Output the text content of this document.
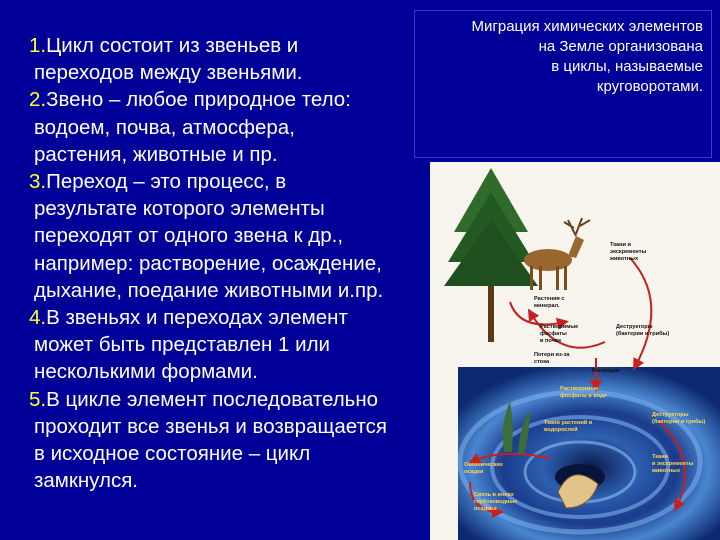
Миграция химических элементов
на Земле организована
в циклы, называемые
круговоротами.
1.Цикл состоит из звеньев и
переходов между звеньями.
2.Звено – любое природное тело:
водоем, почва, атмосфера,
растения, животные и пр.
3.Переход – это процесс, в
результате которого элементы
переходят от одного звена к др.,
например: растворение, осаждение,
дыхание, поедание животными и.пр.
4.В звеньях и переходах элемент
может быть представлен 1 или
несколькими формами.
5.В цикле элемент последовательно
проходит все звенья и возвращается
в исходное состояние – цикл
замкнулся.
Ткани и экскременты животных
Растения с минерал.
Растворимые фосфаты в почве
Деструкторы (бактерии и грибы)
Потери из-за стока
Миграция
Растворимые фосфаты в воде
Ткани растений и водорослей
Деструкторы (бактерии и грибы)
Океанические осадки
Ткани и экскременты животных
Связь в ионах глубоководных осадков
